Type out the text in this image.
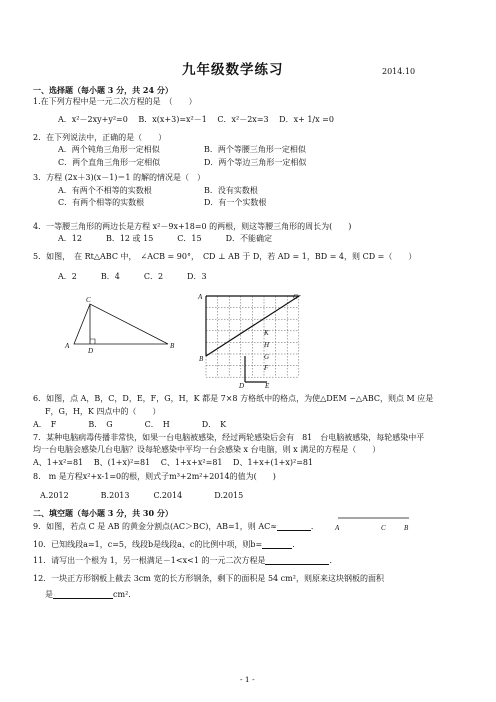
九年级数学练习	2014.10
一、选择题（每小题 3 分，共 24 分）
1.在下列方程中是一元二次方程的是　（　　）
A．x²－2xy+y²=0　 B．x(x+3)=x²－1　 C．x²－2x=3　 D．x+ 1/x =0
2．在下列说法中，正确的是（　　）
A．两个钝角三角形一定相似	B．两个等腰三角形一定相似
C．两个直角三角形一定相似	D．两个等边三角形一定相似
3．方程 (2x＋3)(x－1)＝1 的解的情况是（　）
A．有两个不相等的实数根	B．没有实数根
C．有两个相等的实数根	D．有一个实数根
4．一等腰三角形的两边长是方程 x²－9x+18=0 的两根，则这等腰三角形的周长为(　　)
A．12　　　B．12 或 15　　　C．15　　　D．不能确定
5．如图，　在 Rt△ABC 中，　∠ACB = 90°，　CD ⊥ AB 于 D，若 AD = 1，BD = 4，则 CD =（　　）
A．2　　　B．4　　　C．2　　　D．3
C
A	B
D
A	C
B
K
H
G
F
D	E
6．如图，点 A，B，C，D，E，F，G，H，K 都是 7×8 方格纸中的格点，为使△DEM ∽△ABC，则点 M 应是
F，G，H，K 四点中的（　　）
A．　F　　　　B．　G　　　　C．　H　　　　D．　K
7．某种电脑病毒传播非常快，如果一台电脑被感染，经过两轮感染后会有　81　台电脑被感染，每轮感染中平
均一台电脑会感染几台电脑？设每轮感染中平均一台会感染 x 台电脑，则 x 满足的方程是（　　）
A、1+x²=81　 B、(1+x)²=81　 C、1+x+x²=81　 D、1+x+(1+x)²=81
8.　m 是方程x²+x-1=0的根，则式子m³+2m²+2014的值为(　　)
A.2012　　　　B.2013　　　C.2014　　　　D.2015
二、填空题（每小题 3 分，共 30 分）
9．如图，若点 C 是 AB 的黄金分割点(AC＞BC)，AB=1，则 AC≈	． A	C	B
10．已知线段a=1，c=5，线段b是线段a、c的比例中项，则b=	．
11．请写出一个根为 1，另一根满足－1<x<1 的一元二次方程是	．
12．一块正方形钢板上截去 3cm 宽的长方形钢条，剩下的面积是 54 cm²，则原来这块钢板的面积
是	cm²．
- 1 -
